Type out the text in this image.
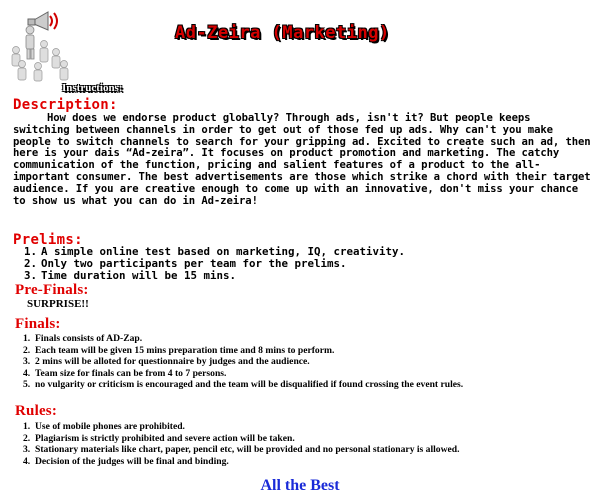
Ad-Zeira (Marketing)
Instructions:
Description:

How does we endorse product globally? Through ads, isn't it? But people keeps switching between channels in order to get out of those fed up ads. Why can't you make people to switch channels to search for your gripping ad. Excited to create such an ad, then here is your dais “Ad-zeira”. It focuses on product promotion and marketing. The catchy communication of the function, pricing and salient features of a product to the all-important consumer. The best advertisements are those which strike a chord with their target audience. If you are creative enough to come up with an innovative, don't miss your chance to show us what you can do in Ad-zeira!

Prelims:
1. A simple online test based on marketing, IQ, creativity.
2. Only two participants per team for the prelims.
3. Time duration will be 15 mins.
Pre-Finals:
SURPRISE!!
Finals:
1. Finals consists of AD-Zap.
2. Each team will be given 15 mins preparation time and 8 mins to perform.
3. 2 mins will be alloted for questionnaire by judges and the audience.
4. Team size for finals can be from 4 to 7 persons.
5. no vulgarity or criticism is encouraged and the team will be disqualified if found crossing the event rules.
Rules:
1. Use of mobile phones are prohibited.
2. Plagiarism is strictly prohibited and severe action will be taken.
3. Stationary materials like chart, paper, pencil etc, will be provided and no personal stationary is allowed.
4. Decision of the judges will be final and binding.
All the Best
